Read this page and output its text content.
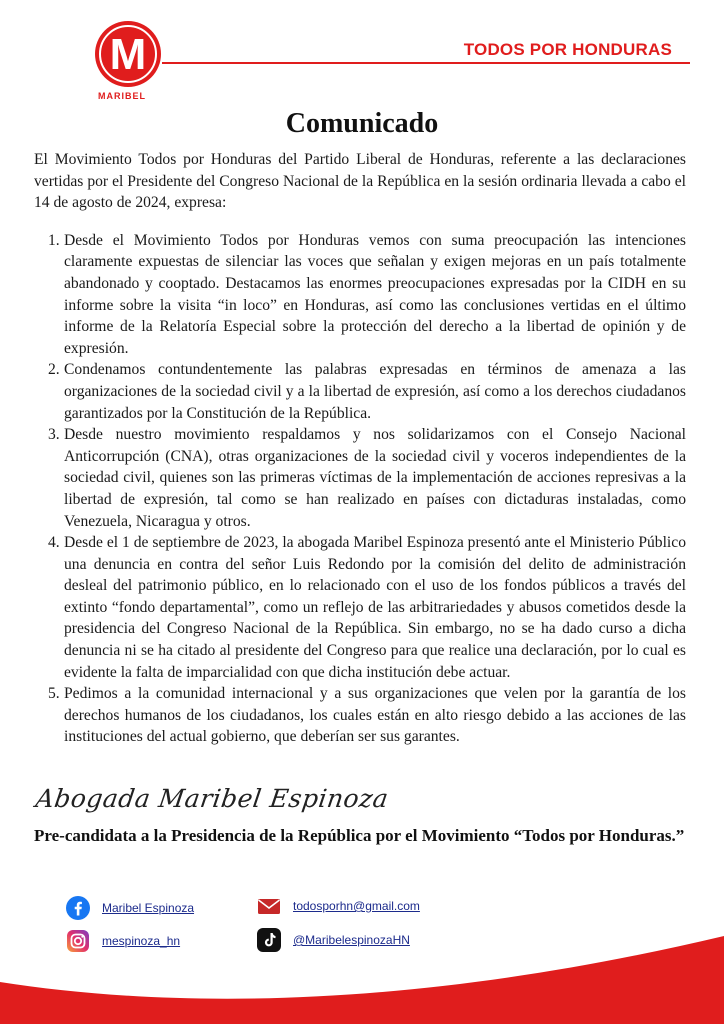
M
MARIBEL
TODOS POR HONDURAS
Comunicado

El Movimiento Todos por Honduras del Partido Liberal de Honduras, referente a las declaraciones vertidas por el Presidente del Congreso Nacional de la República en la sesión ordinaria llevada a cabo el 14 de agosto de 2024, expresa:

1. Desde el Movimiento Todos por Honduras vemos con suma preocupación las intenciones claramente expuestas de silenciar las voces que señalan y exigen mejoras en un país totalmente abandonado y cooptado. Destacamos las enormes preocupaciones expresadas por la CIDH en su informe sobre la visita “in loco” en Honduras, así como las conclusiones vertidas en el último informe de la Relatoría Especial sobre la protección del derecho a la libertad de opinión y de expresión.
2. Condenamos contundentemente las palabras expresadas en términos de amenaza a las organizaciones de la sociedad civil y a la libertad de expresión, así como a los derechos ciudadanos garantizados por la Constitución de la República.
3. Desde nuestro movimiento respaldamos y nos solidarizamos con el Consejo Nacional Anticorrupción (CNA), otras organizaciones de la sociedad civil y voceros independientes de la sociedad civil, quienes son las primeras víctimas de la implementación de acciones represivas a la libertad de expresión, tal como se han realizado en países con dictaduras instaladas, como Venezuela, Nicaragua y otros.
4. Desde el 1 de septiembre de 2023, la abogada Maribel Espinoza presentó ante el Ministerio Público una denuncia en contra del señor Luis Redondo por la comisión del delito de administración desleal del patrimonio público, en lo relacionado con el uso de los fondos públicos a través del extinto “fondo departamental”, como un reflejo de las arbitrariedades y abusos cometidos desde la presidencia del Congreso Nacional de la República. Sin embargo, no se ha dado curso a dicha denuncia ni se ha citado al presidente del Congreso para que realice una declaración, por lo cual es evidente la falta de imparcialidad con que dicha institución debe actuar.
5. Pedimos a la comunidad internacional y a sus organizaciones que velen por la garantía de los derechos humanos de los ciudadanos, los cuales están en alto riesgo debido a las acciones de las instituciones del actual gobierno, que deberían ser sus garantes.
Abogada Maribel Espinoza
Pre-candidata a la Presidencia de la República por el Movimiento “Todos por Honduras.”
Maribel Espinoza
mespinoza_hn
todosporhn@gmail.com
@MaribelespinozaHN
